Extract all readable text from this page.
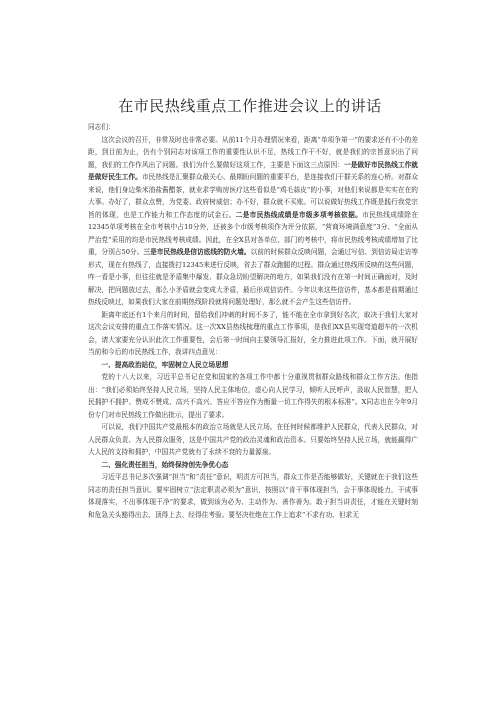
在市民热线重点工作推进会议上的讲话

同志们：

这次会议的召开，非常及时也非常必要。从前11个月办理情况来看，距离“单项争第一”的要求还有不小的差距，到目前为止，仍有个别同志对该项工作的重要性认识不足，热线工作干不好，就是我们的宗旨意识出了问题，我们的工作作风出了问题。我们为什么要做好这项工作，主要是下面这三点原因：一是做好市民热线工作就是做好民生工作。市民热线是汇聚群众最关心、最期盼问题的重要平台，是连接我们干群关系的连心桥。对群众来说，他们身边柴米油盐酱醋茶，就业求学购房医疗这些看似是“鸡毛蒜皮”的小事，对他们来说都是实实在在的大事。办好了，群众点赞，为党委、政府树威信；办不好，群众就不买账。可以说做好热线工作既是践行我党宗旨的体现，也是工作能力和工作态度的试金石。二是市民热线成绩是市级多项考核依据。市民热线成绩除在12345单项考核在全市考核中占10分外，还被多个市级考核项作为评分依据，“营商环境满意度”3分、“全面从严治党”采用的均是市民热线考核成绩。因此，在全X县对各单位、部门的考核中，将市民热线考核成绩增加了比重，分别占50分。三是市民热线是信访底线的防火墙。以前的时候群众反映问题，会通过写信、到信访局走访等形式，现在有热线了，直接拨打12345来进行反映，省去了群众跑腿的过程。群众通过热线所反映的这些问题，咋一看是小事，但往往就是矛盾集中爆发、群众急切盼望解决的地方，如果我们没有在第一时间正确面对，及时解决，把问题放过去，那么小矛盾就会变成大矛盾，最后形成信访件。今年以来这些信访件，基本都是前期通过热线反映过，如果我们大家在前期热线阶段就将问题处理好，那么就不会产生这些信访件。

距离年底还有1个来月的时间，留给我们冲刺的时间不多了，能不能在全市拿到好名次，取决于我们大家对这次会议安排的重点工作落实情况。这一次XX县热线梳理的重点工作事项，是我们XX县实现弯道超车的一次机会，请大家要充分认识此次工作重要性，会后第一时间向主要领导汇报好，全力推进此项工作。下面，就开展好当前和今后的市民热线工作，我讲四点意见：

一、提高政治站位，牢固树立人民立场思想

党的十八大以来，习近平总书记在党和国家的各项工作中都十分重视贯彻群众路线和群众工作方法。他指出：“我们必须始终坚持人民立场，坚持人民主体地位，虚心向人民学习，倾听人民呼声，汲取人民智慧，把人民拥护不拥护、赞成不赞成、高兴不高兴、答应不答应作为衡量一切工作得失的根本标准”。X同志也在今年9月份专门对市民热线工作做出批示，提出了要求。

可以说，我们中国共产党最根本的政治立场就是人民立场。在任何时候都维护人民群众，代表人民群众，对人民群众负责、为人民群众服务，这是中国共产党的政治灵魂和政治资本。只要始终坚持人民立场，就能赢得广大人民的支持和拥护，中国共产党就有了永续不衰的力量源泉。

二、强化责任担当，始终保持创先争优心态

习近平总书记多次强调“担当”和“责任”意识，明责方可担当，群众工作是否能够做好，关键就在于我们这些同志的责任担当意识。要牢固树立“法定职责必须为”意识，按照以“肯干事体现担当，会干事体现能力，干成事体现落实，不出事体现干净”的要求，做到该为必为、主动作为、善作善为。敢于担当讲责任，才能在关键时刻和危急关头豁得出去、顶得上去、经得住考验。要坚决杜绝在工作上追求“不求有功、但求无
